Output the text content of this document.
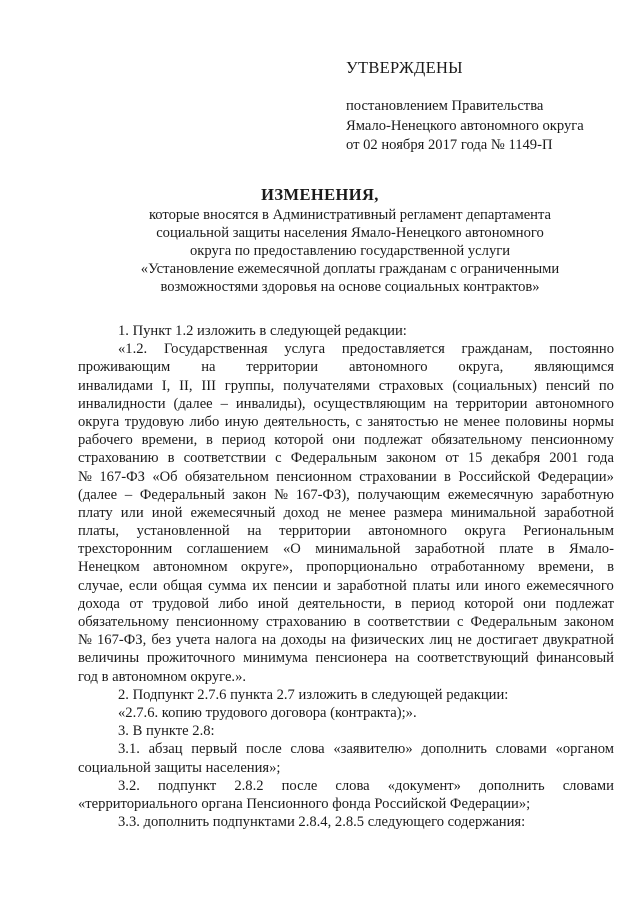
УТВЕРЖДЕНЫ
постановлением Правительства
Ямало-Ненецкого автономного округа
от 02 ноября 2017 года № 1149-П
ИЗМЕНЕНИЯ,
которые вносятся в Административный регламент департамента
социальной защиты населения Ямало-Ненецкого автономного
округа по предоставлению государственной услуги
«Установление ежемесячной доплаты гражданам с ограниченными
возможностями здоровья на основе социальных контрактов»
1. Пункт 1.2 изложить в следующей редакции:
«1.2. Государственная услуга предоставляется гражданам, постоянно
проживающим на территории автономного округа, являющимся
инвалидами I, II, III группы, получателями страховых (социальных) пенсий по
инвалидности (далее – инвалиды), осуществляющим на территории автономного
округа трудовую либо иную деятельность, с занятостью не менее половины нормы
рабочего времени, в период которой они подлежат обязательному пенсионному
страхованию в соответствии с Федеральным законом от 15 декабря 2001 года
№ 167-ФЗ «Об обязательном пенсионном страховании в Российской Федерации»
(далее – Федеральный закон № 167-ФЗ), получающим ежемесячную заработную
плату или иной ежемесячный доход не менее размера минимальной заработной
платы, установленной на территории автономного округа Региональным
трехсторонним соглашением «О минимальной заработной плате в Ямало-
Ненецком автономном округе», пропорционально отработанному времени, в
случае, если общая сумма их пенсии и заработной платы или иного ежемесячного
дохода от трудовой либо иной деятельности, в период которой они подлежат
обязательному пенсионному страхованию в соответствии с Федеральным законом
№ 167-ФЗ, без учета налога на доходы на физических лиц не достигает двукратной
величины прожиточного минимума пенсионера на соответствующий финансовый
год в автономном округе.».
2. Подпункт 2.7.6 пункта 2.7 изложить в следующей редакции:
«2.7.6. копию трудового договора (контракта);».
3. В пункте 2.8:
3.1. абзац первый после слова «заявителю» дополнить словами «органом
социальной защиты населения»;
3.2. подпункт 2.8.2 после слова «документ» дополнить словами
«территориального органа Пенсионного фонда Российской Федерации»;
3.3. дополнить подпунктами 2.8.4, 2.8.5 следующего содержания:
